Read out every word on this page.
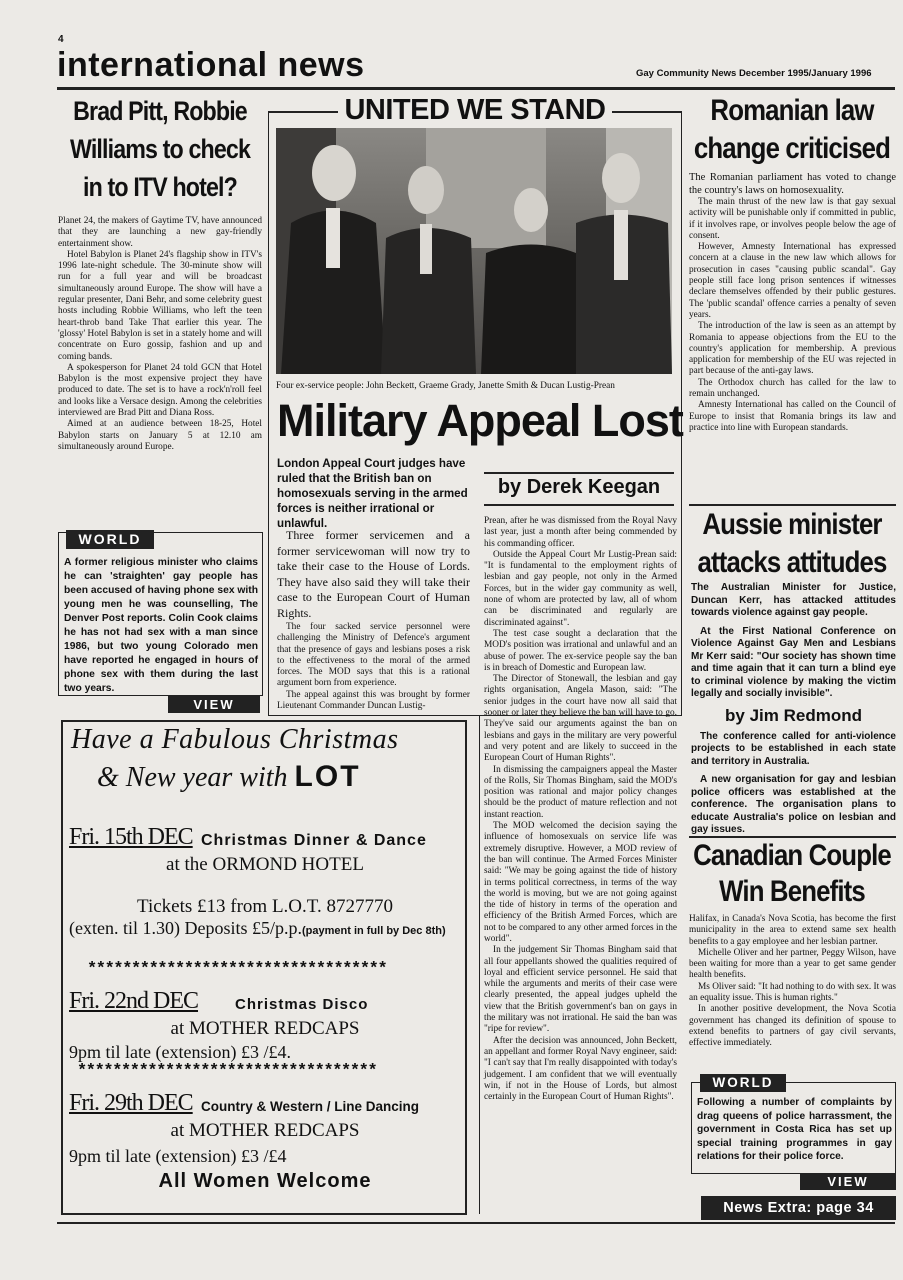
4
international news	Gay Community News December 1995/January 1996
Brad Pitt, Robbie Williams to check in to ITV hotel?

Planet 24, the makers of Gaytime TV, have announced that they are launching a new gay-friendly entertainment show.

Hotel Babylon is Planet 24's flagship show in ITV's 1996 late-night schedule. The 30-minute show will run for a full year and will be broadcast simultaneously around Europe. The show will have a regular presenter, Dani Behr, and some celebrity guest hosts including Robbie Williams, who left the teen heart-throb band Take That earlier this year. The 'glossy' Hotel Babylon is set in a stately home and will concentrate on Euro gossip, fashion and up and coming bands.

A spokesperson for Planet 24 told GCN that Hotel Babylon is the most expensive project they have produced to date. The set is to have a rock'n'roll feel and looks like a Versace design. Among the celebrities interviewed are Brad Pitt and Diana Ross.

Aimed at an audience between 18-25, Hotel Babylon starts on January 5 at 12.10 am simultaneously around Europe.

WORLD

A former religious minister who claims he can 'straighten' gay people has been accused of having phone sex with young men he was counselling, The Denver Post reports. Colin Cook claims he has not had sex with a man since 1986, but two young Colorado men have reported he engaged in hours of phone sex with them during the last two years.

VIEW
UNITED WE STAND
Four ex-service people: John Beckett, Graeme Grady, Janette Smith & Ducan Lustig-Prean
Military Appeal Lost

London Appeal Court judges have ruled that the British ban on homosexuals serving in the armed forces is neither irrational or unlawful.

by Derek Keegan

Three former servicemen and a former servicewoman will now try to take their case to the House of Lords. They have also said they will take their case to the European Court of Human Rights.

The four sacked service personnel were challenging the Ministry of Defence's argument that the presence of gays and lesbians poses a risk to the effectiveness to the moral of the armed forces. The MOD says that this is a rational argument born from experience.

The appeal against this was brought by former Lieutenant Commander Duncan Lustig-

Prean, after he was dismissed from the Royal Navy last year, just a month after being commended by his commanding officer.

Outside the Appeal Court Mr Lustig-Prean said: "It is fundamental to the employment rights of lesbian and gay people, not only in the Armed Forces, but in the wider gay community as well, none of whom are protected by law, all of whom can be discriminated and regularly are discriminated against".

The test case sought a declaration that the MOD's position was irrational and unlawful and an abuse of power. The ex-service people say the ban is in breach of Domestic and European law.

The Director of Stonewall, the lesbian and gay rights organisation, Angela Mason, said: "The senior judges in the court have now all said that sooner or later they believe the ban will have to go. They've said our arguments against the ban on lesbians and gays in the military are very powerful and very potent and are likely to succeed in the European Court of Human Rights".

In dismissing the campaigners appeal the Master of the Rolls, Sir Thomas Bingham, said the MOD's position was rational and major policy changes should be the product of mature reflection and not instant reaction.

The MOD welcomed the decision saying the influence of homosexuals on service life was extremely disruptive. However, a MOD review of the ban will continue. The Armed Forces Minister said: "We may be going against the tide of history in terms political correctness, in terms of the way the world is moving, but we are not going against the tide of history in terms of the operation and efficiency of the British Armed Forces, which are not to be compared to any other armed forces in the world".

In the judgement Sir Thomas Bingham said that all four appellants showed the qualities required of loyal and efficient service personnel. He said that while the arguments and merits of their case were clearly presented, the appeal judges upheld the view that the British government's ban on gays in the military was not irrational. He said the ban was "ripe for review".

After the decision was announced, John Beckett, an appellant and former Royal Navy engineer, said: "I can't say that I'm really disappointed with today's judgement. I am confident that we will eventually win, if not in the House of Lords, but almost certainly in the European Court of Human Rights".

Have a Fabulous Christmas
& New year with LOT
Fri. 15th DEC Christmas Dinner & Dance
at the ORMOND HOTEL
Tickets £13 from L.O.T. 8727770
(exten. til 1.30) Deposits £5/p.p.(payment in full by Dec 8th)
**********************************
Fri. 22nd DEC Christmas Disco
at MOTHER REDCAPS
9pm til late (extension) £3 /£4.
**********************************
Fri. 29th DEC Country & Western / Line Dancing
at MOTHER REDCAPS
9pm til late (extension) £3 /£4
All Women Welcome
Romanian law change criticised

The Romanian parliament has voted to change the country's laws on homosexuality.

The main thrust of the new law is that gay sexual activity will be punishable only if committed in public, if it involves rape, or involves people below the age of consent.

However, Amnesty International has expressed concern at a clause in the new law which allows for prosecution in cases "causing public scandal". Gay people still face long prison sentences if witnesses declare themselves offended by their public gestures. The 'public scandal' offence carries a penalty of seven years.

The introduction of the law is seen as an attempt by Romania to appease objections from the EU to the country's application for membership. A previous application for membership of the EU was rejected in part because of the anti-gay laws.

The Orthodox church has called for the law to remain unchanged.

Amnesty International has called on the Council of Europe to insist that Romania brings its law and practice into line with European standards.

Aussie minister attacks attitudes

The Australian Minister for Justice, Duncan Kerr, has attacked attitudes towards violence against gay people.

At the First National Conference on Violence Against Gay Men and Lesbians Mr Kerr said: "Our society has shown time and time again that it can turn a blind eye to criminal violence by making the victim legally and socially invisible".

by Jim Redmond

The conference called for anti-violence projects to be established in each state and territory in Australia.

A new organisation for gay and lesbian police officers was established at the conference. The organisation plans to educate Australia's police on lesbian and gay issues.

Canadian Couple Win Benefits

Halifax, in Canada's Nova Scotia, has become the first municipality in the area to extend same sex health benefits to a gay employee and her lesbian partner.

Michelle Oliver and her partner, Peggy Wilson, have been waiting for more than a year to get same gender health benefits.

Ms Oliver said: "It had nothing to do with sex. It was an equality issue. This is human rights."

In another positive development, the Nova Scotia government has changed its definition of spouse to extend benefits to partners of gay civil servants, effective immediately.

WORLD

Following a number of complaints by drag queens of police harrassment, the government in Costa Rica has set up special training programmes in gay relations for their police force.

VIEW
News Extra: page 34
